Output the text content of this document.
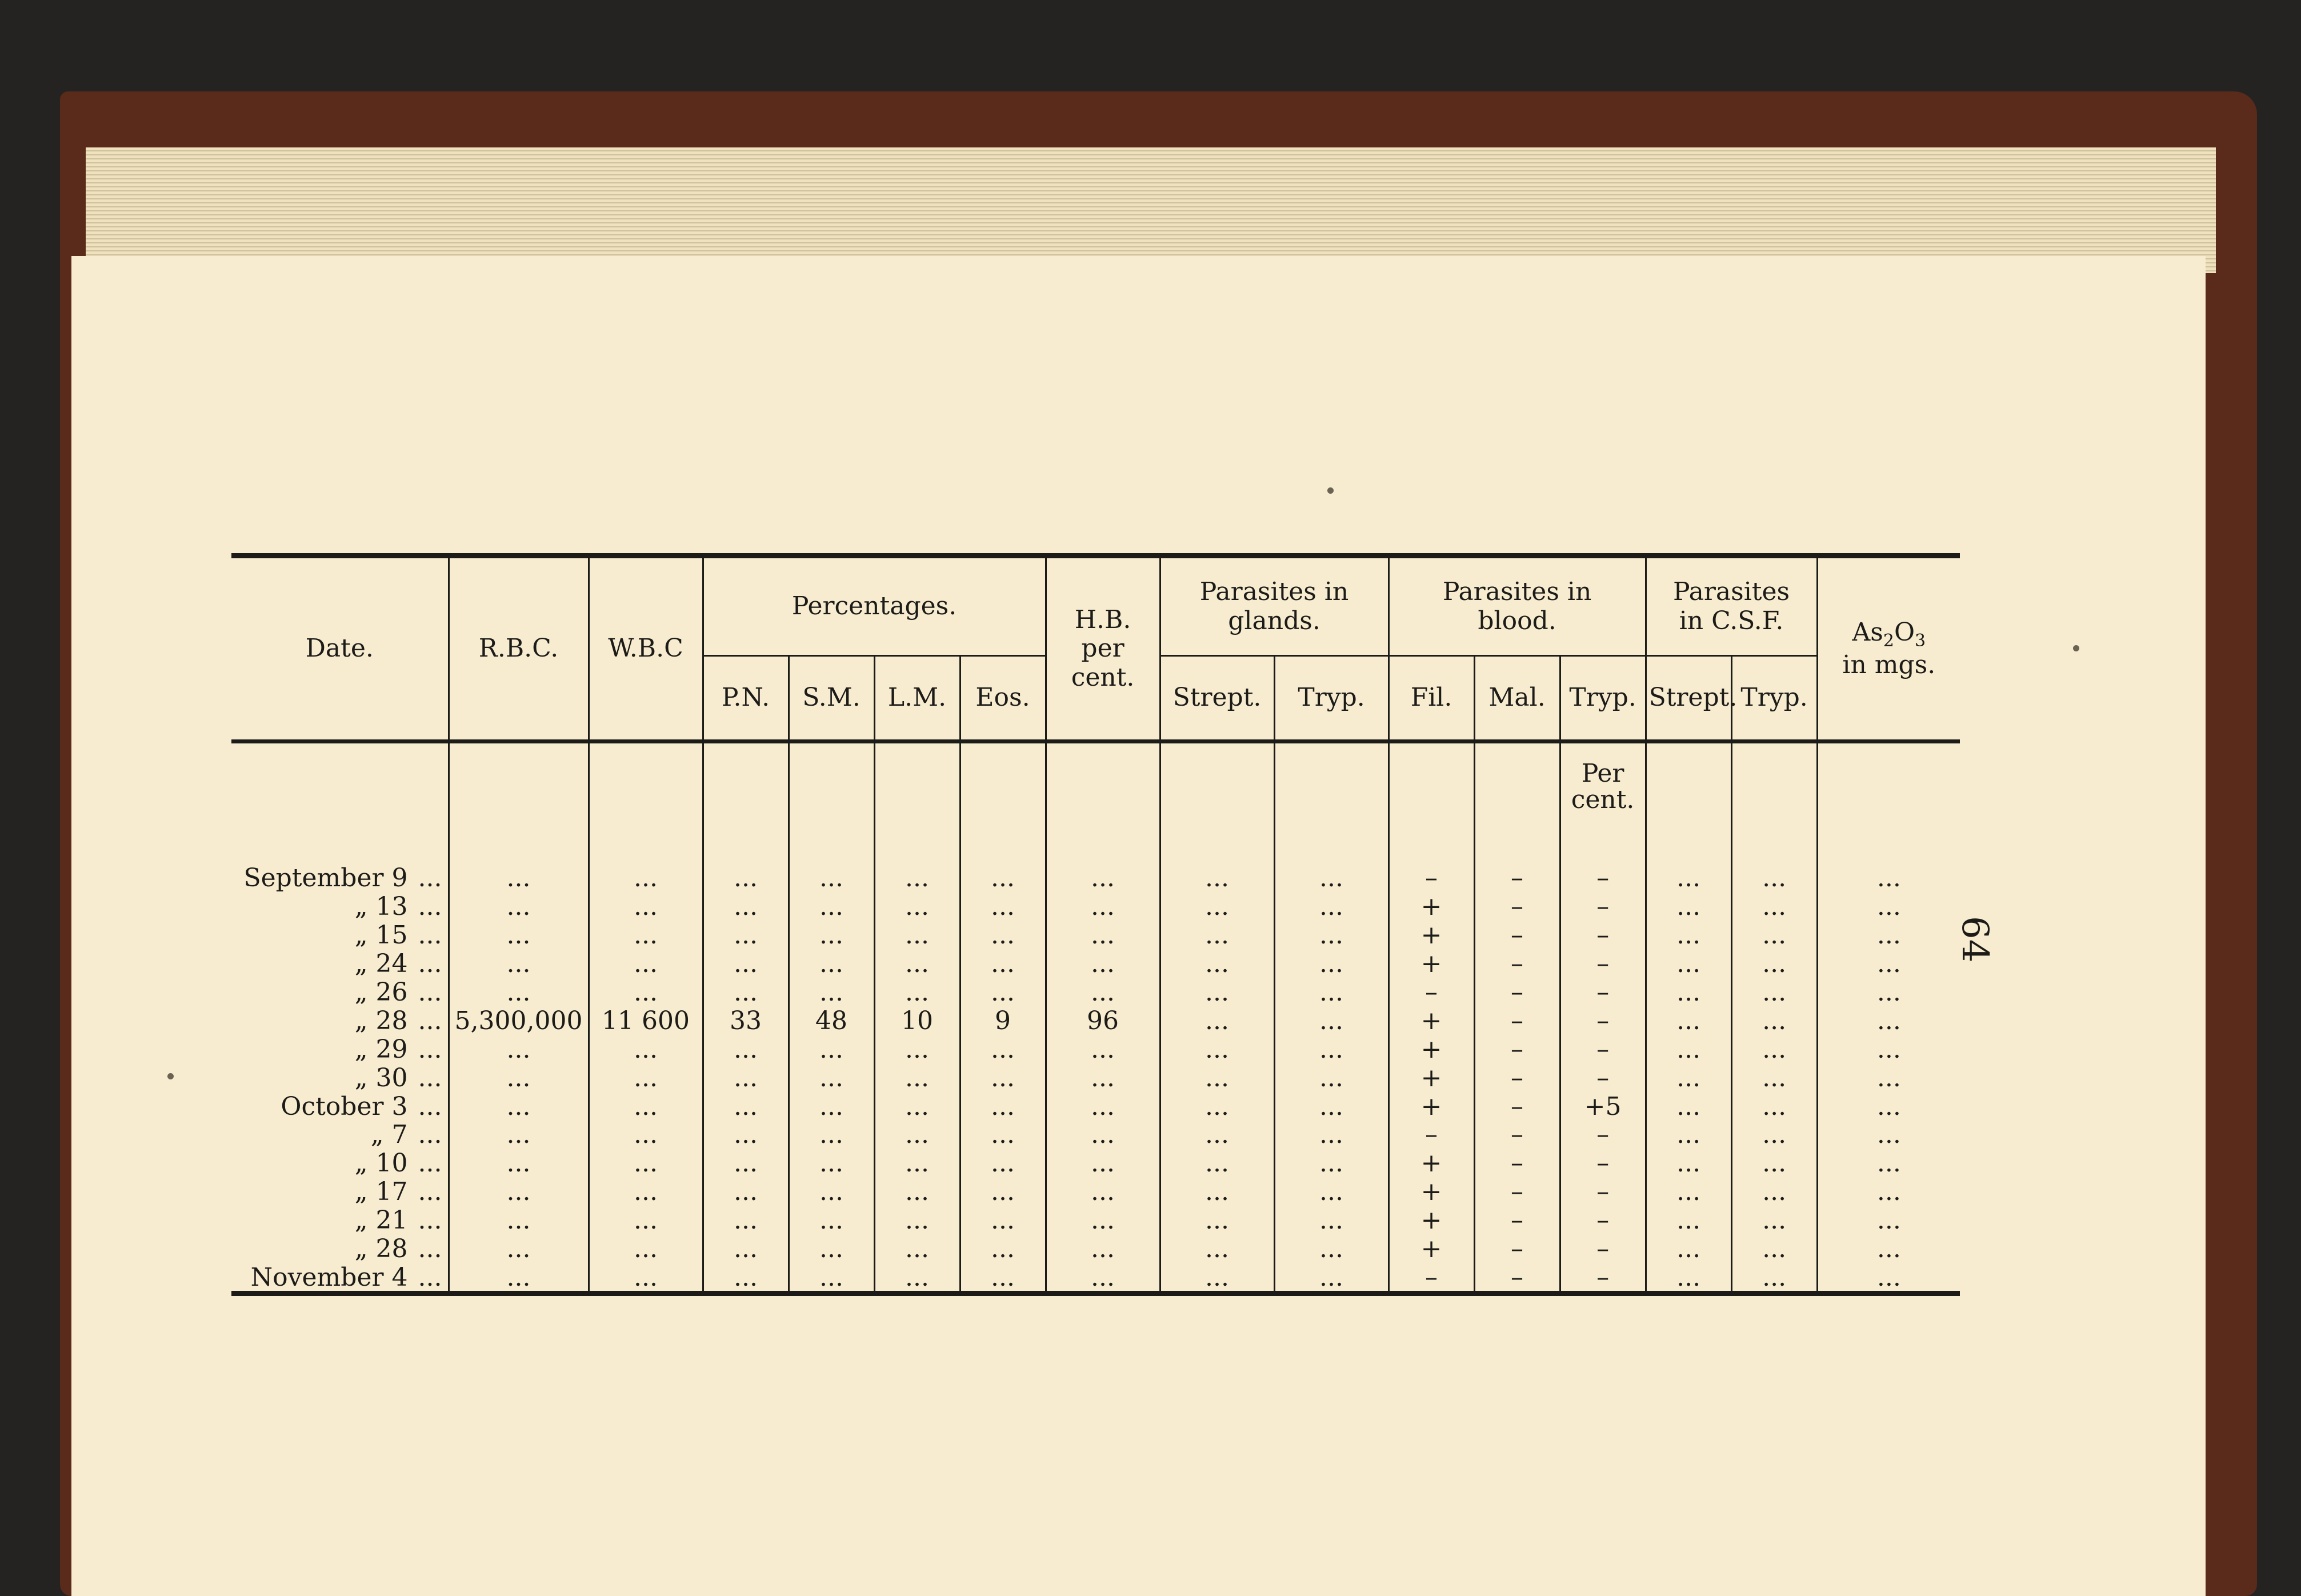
64
Date.	R.B.C.	W.B.C	Percentages.				H.B.
per
cent.	Parasites in
glands.		Parasites in
blood.			Parasites
in C.S.F.		$As_2O_3$
in mgs.
			P.N.	S.M.	L.M.	Eos.		Strept.	Tryp.	Fil.	Mal.	Tryp.	Strept.	Tryp.	
												Per
cent.			
September 9 ...	...	...	...	...	...	...	...	...	...	–	–	–	...	...	...
„ 13 ...	...	...	...	...	...	...	...	...	...	+	–	–	...	...	...
„ 15 ...	...	...	...	...	...	...	...	...	...	+	–	–	...	...	...
„ 24 ...	...	...	...	...	...	...	...	...	...	+	–	–	...	...	...
„ 26 ...	...	...	...	...	...	...	...	...	...	–	–	–	...	...	...
„ 28 ...	5,300,000	11 600	33	48	10	9	96	...	...	+	–	–	...	...	...
„ 29 ...	...	...	...	...	...	...	...	...	...	+	–	–	...	...	...
„ 30 ...	...	...	...	...	...	...	...	...	...	+	–	–	...	...	...
October 3 ...	...	...	...	...	...	...	...	...	...	+	–	+5	...	...	...
„ 7 ...	...	...	...	...	...	...	...	...	...	–	–	–	...	...	...
„ 10 ...	...	...	...	...	...	...	...	...	...	+	–	–	...	...	...
„ 17 ...	...	...	...	...	...	...	...	...	...	+	–	–	...	...	...
„ 21 ...	...	...	...	...	...	...	...	...	...	+	–	–	...	...	...
„ 28 ...	...	...	...	...	...	...	...	...	...	+	–	–	...	...	...
November 4 ...	...	...	...	...	...	...	...	...	...	–	–	–	...	...	...
